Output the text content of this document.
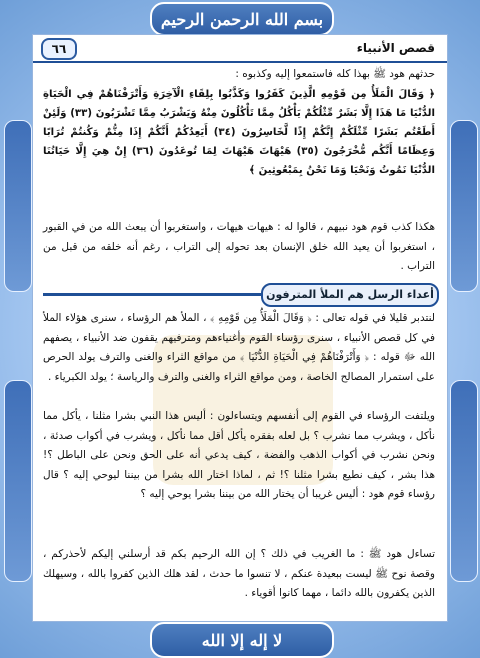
بسم الله الرحمن الرحيم
قصص الأنبياء
٦٦
حدثهم هود ﷺ بهذا كله فاستمعوا إليه وكذبوه :
﴿ وَقَالَ الْمَلَأُ مِن قَوْمِهِ الَّذِينَ كَفَرُوا وَكَذَّبُوا بِلِقَاءِ الْآخِرَةِ وَأَتْرَفْنَاهُمْ فِي الْحَيَاةِ الدُّنْيَا مَا هَذَا إِلَّا بَشَرٌ مِّثْلُكُمْ يَأْكُلُ مِمَّا تَأْكُلُونَ مِنْهُ وَيَشْرَبُ مِمَّا تَشْرَبُونَ (٣٣) وَلَئِنْ أَطَعْتُم بَشَرًا مِّثْلَكُمْ إِنَّكُمْ إِذًا لَّخَاسِرُونَ (٣٤) أَيَعِدُكُمْ أَنَّكُمْ إِذَا مِتُّمْ وَكُنتُمْ تُرَابًا وَعِظَامًا أَنَّكُم مُّخْرَجُونَ (٣٥) هَيْهَاتَ هَيْهَاتَ لِمَا تُوعَدُونَ (٣٦) إِنْ هِيَ إِلَّا حَيَاتُنَا الدُّنْيَا نَمُوتُ وَنَحْيَا وَمَا نَحْنُ بِمَبْعُوثِينَ ﴾
هكذا كذب قوم هود نبيهم ، قالوا له : هيهات هيهات ، واستغربوا أن يبعث الله من في القبور ، استغربوا أن يعيد الله خلق الإنسان بعد تحوله إلى التراب ، رغم أنه خلقه من قبل من التراب .
أعداء الرسل هم الملأ المترفون
لنتدبر قليلا في قوله تعالى : ﴿ وَقَالَ الْمَلَأُ مِن قَوْمِهِ ﴾ ، الملأ هم الرؤساء ، سنرى هؤلاء الملأ في كل قصص الأنبياء ، سنرى رؤساء القوم وأغنياءهم ومترفيهم يقفون ضد الأنبياء ، يصفهم الله ﷻ قوله : ﴿ وَأَتْرَفْنَاهُمْ فِي الْحَيَاةِ الدُّنْيَا ﴾ من مواقع الثراء والغنى والترف يولد الحرص على استمرار المصالح الخاصة ، ومن مواقع الثراء والغنى والترف والرياسة ؛ يولد الكبرياء .
ويلتفت الرؤساء في القوم إلى أنفسهم ويتساءلون : أليس هذا النبي بشرا مثلنا ، يأكل مما نأكل ، ويشرب مما نشرب ؟ بل لعله بفقره يأكل أقل مما نأكل ، ويشرب في أكواب صدئة ، ونحن نشرب في أكواب الذهب والفضة ، كيف يدعي أنه على الحق ونحن على الباطل ؟! هذا بشر ، كيف نطيع بشرا مثلنا ؟! ثم ، لماذا اختار الله بشرا من بيننا ليوحي إليه ؟ قال رؤساء قوم هود : أليس غريبا أن يختار الله من بيننا بشرا يوحي إليه ؟
تساءل هود ﷺ : ما الغريب في ذلك ؟ إن الله الرحيم بكم قد أرسلني إليكم لأحذركم ، وقصة نوح ﷺ ليست ببعيدة عنكم ، لا تنسوا ما حدث ، لقد هلك الذين كفروا بالله ، وسيهلك الذين يكفرون بالله دائما ، مهما كانوا أقوياء .
لا إله إلا الله
